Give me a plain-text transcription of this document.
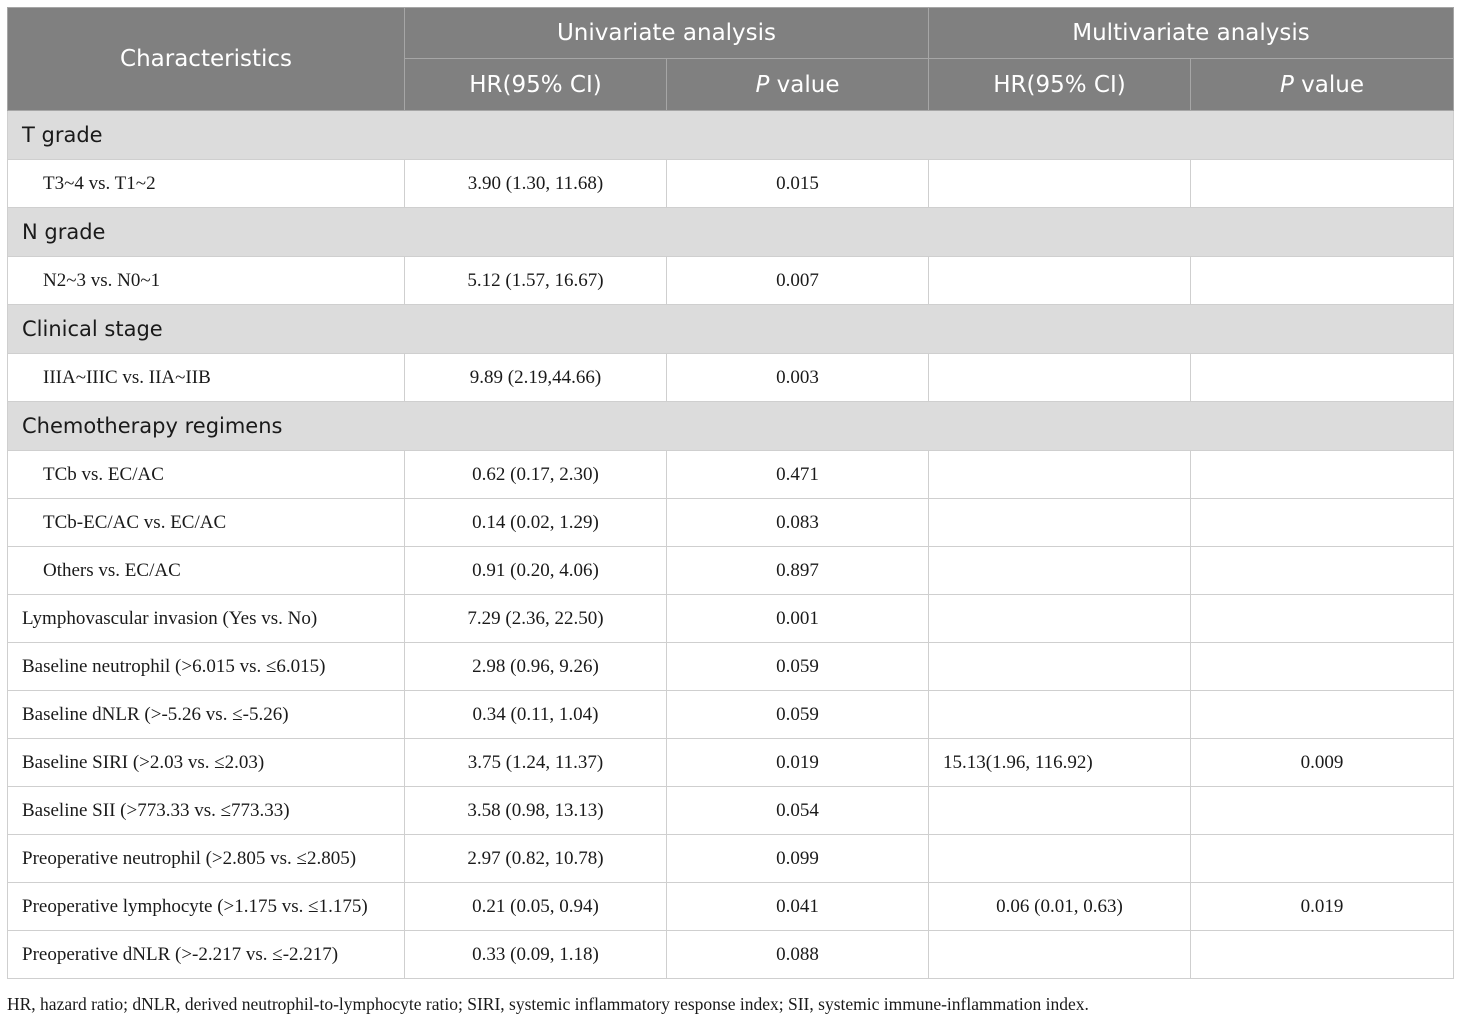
Characteristics	Univariate analysis		Multivariate analysis	
	HR(95% CI)	P value	HR(95% CI)	P value
T grade				
T3~4 vs. T1~2	3.90 (1.30, 11.68)	0.015		
N grade				
N2~3 vs. N0~1	5.12 (1.57, 16.67)	0.007		
Clinical stage				
IIIA~IIIC vs. IIA~IIB	9.89 (2.19,44.66)	0.003		
Chemotherapy regimens				
TCb vs. EC/AC	0.62 (0.17, 2.30)	0.471		
TCb-EC/AC vs. EC/AC	0.14 (0.02, 1.29)	0.083		
Others vs. EC/AC	0.91 (0.20, 4.06)	0.897		
Lymphovascular invasion (Yes vs. No)	7.29 (2.36, 22.50)	0.001		
Baseline neutrophil (>6.015 vs. ≤6.015)	2.98 (0.96, 9.26)	0.059		
Baseline dNLR (>-5.26 vs. ≤-5.26)	0.34 (0.11, 1.04)	0.059		
Baseline SIRI (>2.03 vs. ≤2.03)	3.75 (1.24, 11.37)	0.019	15.13(1.96, 116.92)	0.009
Baseline SII (>773.33 vs. ≤773.33)	3.58 (0.98, 13.13)	0.054		
Preoperative neutrophil (>2.805 vs. ≤2.805)	2.97 (0.82, 10.78)	0.099		
Preoperative lymphocyte (>1.175 vs. ≤1.175)	0.21 (0.05, 0.94)	0.041	0.06 (0.01, 0.63)	0.019
Preoperative dNLR (>-2.217 vs. ≤-2.217)	0.33 (0.09, 1.18)	0.088		
HR, hazard ratio; dNLR, derived neutrophil-to-lymphocyte ratio; SIRI, systemic inflammatory response index; SII, systemic immune-inflammation index.
